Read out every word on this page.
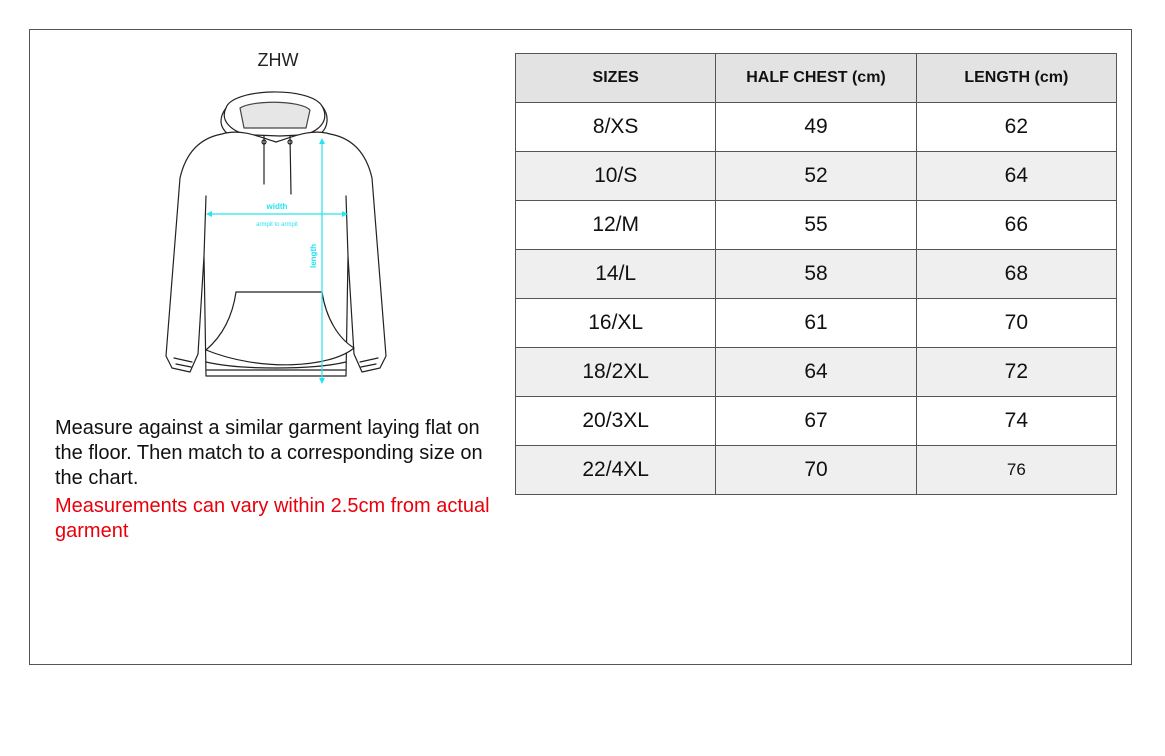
ZHW
width
armpit to armpit
length
Measure against a similar garment laying flat on the floor. Then match to a corresponding size on the chart.
Measurements can vary within 2.5cm from actual garment
SIZES	HALF CHEST (cm)	LENGTH (cm)
8/XS	49	62
10/S	52	64
12/M	55	66
14/L	58	68
16/XL	61	70
18/2XL	64	72
20/3XL	67	74
22/4XL	70	76
